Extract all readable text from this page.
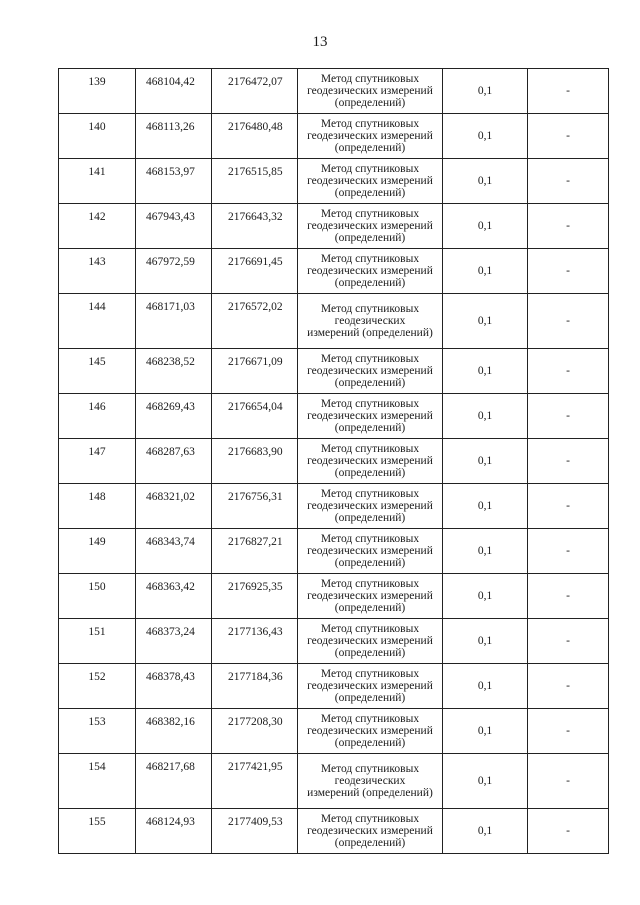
13
139	468104,42	2176472,07	Метод спутниковых
геодезических измерений
(определений)	0,1	-
140	468113,26	2176480,48	Метод спутниковых
геодезических измерений
(определений)	0,1	-
141	468153,97	2176515,85	Метод спутниковых
геодезических измерений
(определений)	0,1	-
142	467943,43	2176643,32	Метод спутниковых
геодезических измерений
(определений)	0,1	-
143	467972,59	2176691,45	Метод спутниковых
геодезических измерений
(определений)	0,1	-
144	468171,03	2176572,02	Метод спутниковых
геодезических
измерений (определений)	0,1	-
145	468238,52	2176671,09	Метод спутниковых
геодезических измерений
(определений)	0,1	-
146	468269,43	2176654,04	Метод спутниковых
геодезических измерений
(определений)	0,1	-
147	468287,63	2176683,90	Метод спутниковых
геодезических измерений
(определений)	0,1	-
148	468321,02	2176756,31	Метод спутниковых
геодезических измерений
(определений)	0,1	-
149	468343,74	2176827,21	Метод спутниковых
геодезических измерений
(определений)	0,1	-
150	468363,42	2176925,35	Метод спутниковых
геодезических измерений
(определений)	0,1	-
151	468373,24	2177136,43	Метод спутниковых
геодезических измерений
(определений)	0,1	-
152	468378,43	2177184,36	Метод спутниковых
геодезических измерений
(определений)	0,1	-
153	468382,16	2177208,30	Метод спутниковых
геодезических измерений
(определений)	0,1	-
154	468217,68	2177421,95	Метод спутниковых
геодезических
измерений (определений)	0,1	-
155	468124,93	2177409,53	Метод спутниковых
геодезических измерений
(определений)	0,1	-
